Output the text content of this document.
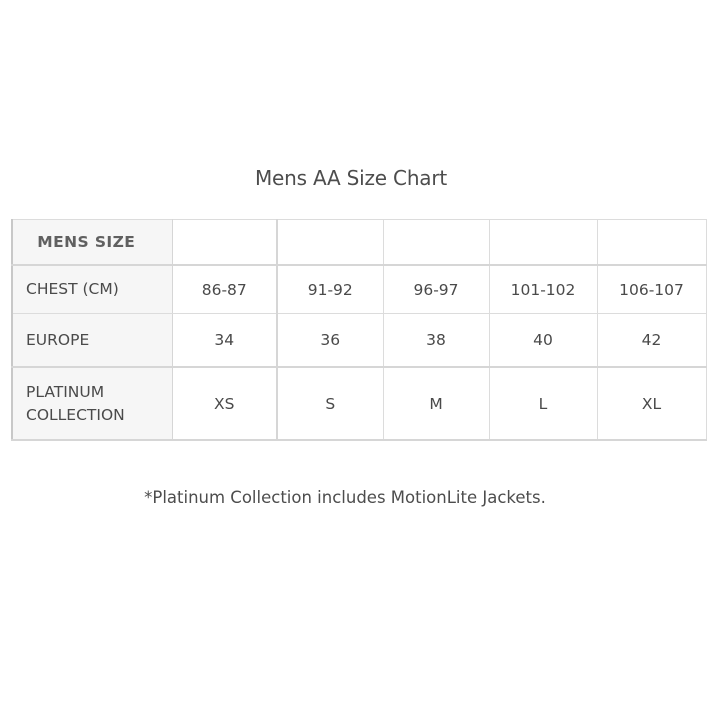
Mens AA Size Chart
MENS SIZE					
CHEST (CM)	86-87	91-92	96-97	101-102	106-107
EUROPE	34	36	38	40	42
PLATINUM
COLLECTION	XS	S	M	L	XL

*Platinum Collection includes MotionLite Jackets.
